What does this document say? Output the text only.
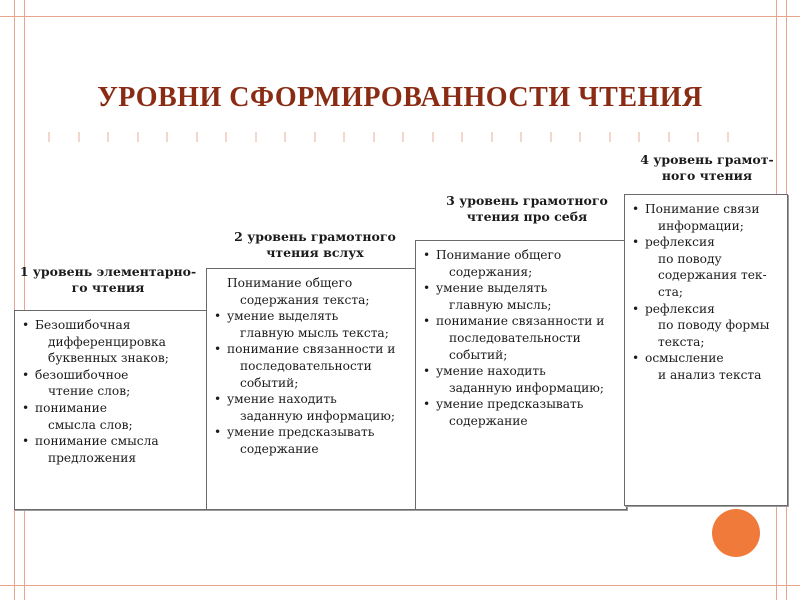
УРОВНИ СФОРМИРОВАННОСТИ ЧТЕНИЯ
1 уровень элементарно-
го чтения
• Безошибочная
дифференцировка
буквенных знаков;
• безошибочное
чтение слов;
• понимание
смысла слов;
• понимание смысла
предложения
2 уровень грамотного
чтения вслух
Понимание общего
содержания текста;
• умение выделять
главную мысль текста;
• понимание связанности и
последовательности
событий;
• умение находить
заданную информацию;
• умение предсказывать
содержание
3 уровень грамотного
чтения про себя
• Понимание общего
содержания;
• умение выделять
главную мысль;
• понимание связанности и
последовательности
событий;
• умение находить
заданную информацию;
• умение предсказывать
содержание
4 уровень грамот-
ного чтения
• Понимание связи
информации;
• рефлексия
по поводу
содержания тек-
ста;
• рефлексия
по поводу формы
текста;
• осмысление
и анализ текста
